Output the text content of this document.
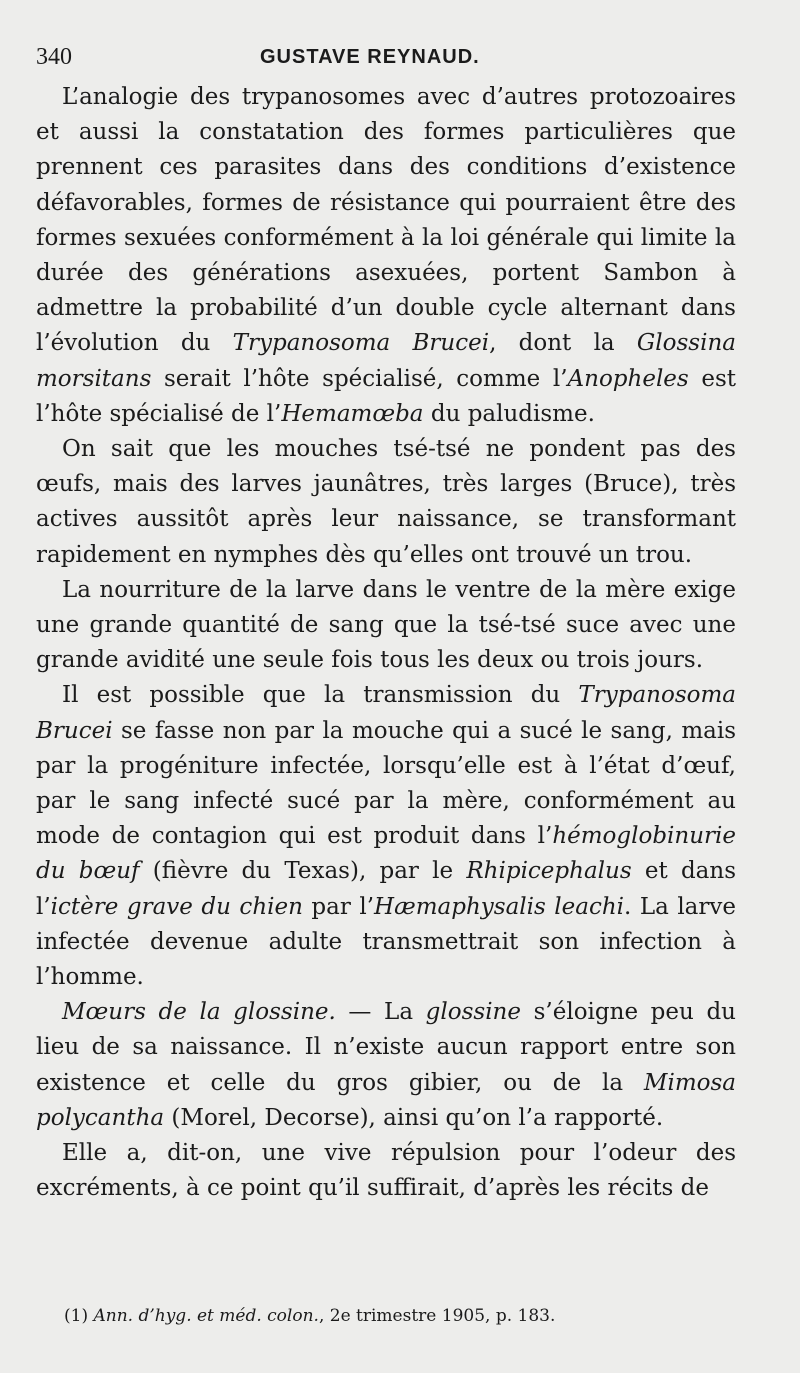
340	GUSTAVE REYNAUD.

L’analogie des trypanosomes avec d’autres protozoaires et aussi la constatation des formes particulières que prennent ces parasites dans des conditions d’existence défavorables, formes de résistance qui pourraient être des formes sexuées conformément à la loi générale qui limite la durée des générations asexuées, portent Sambon à admettre la probabilité d’un double cycle alternant dans l’évolution du Trypanosoma Brucei, dont la Glossina morsitans serait l’hôte spécialisé, comme l’Anopheles est l’hôte spécialisé de l’Hemamœba du paludisme.

On sait que les mouches tsé-tsé ne pondent pas des œufs, mais des larves jaunâtres, très larges (Bruce), très actives aussitôt après leur naissance, se transformant rapidement en nymphes dès qu’elles ont trouvé un trou.

La nourriture de la larve dans le ventre de la mère exige une grande quantité de sang que la tsé-tsé suce avec une grande avidité une seule fois tous les deux ou trois jours.

Il est possible que la transmission du Trypanosoma Brucei se fasse non par la mouche qui a sucé le sang, mais par la progéniture infectée, lorsqu’elle est à l’état d’œuf, par le sang infecté sucé par la mère, conformément au mode de contagion qui est produit dans l’hémoglobinurie du bœuf (fièvre du Texas), par le Rhipicephalus et dans l’ictère grave du chien par l’Hæmaphysalis leachi. La larve infectée devenue adulte transmettrait son infection à l’homme.

Mœurs de la glossine. — La glossine s’éloigne peu du lieu de sa naissance. Il n’existe aucun rapport entre son existence et celle du gros gibier, ou de la Mimosa polycantha (Morel, Decorse), ainsi qu’on l’a rapporté.

Elle a, dit-on, une vive répulsion pour l’odeur des excréments, à ce point qu’il suffirait, d’après les récits de

(1) Ann. d’hyg. et méd. colon., 2e trimestre 1905, p. 183.
